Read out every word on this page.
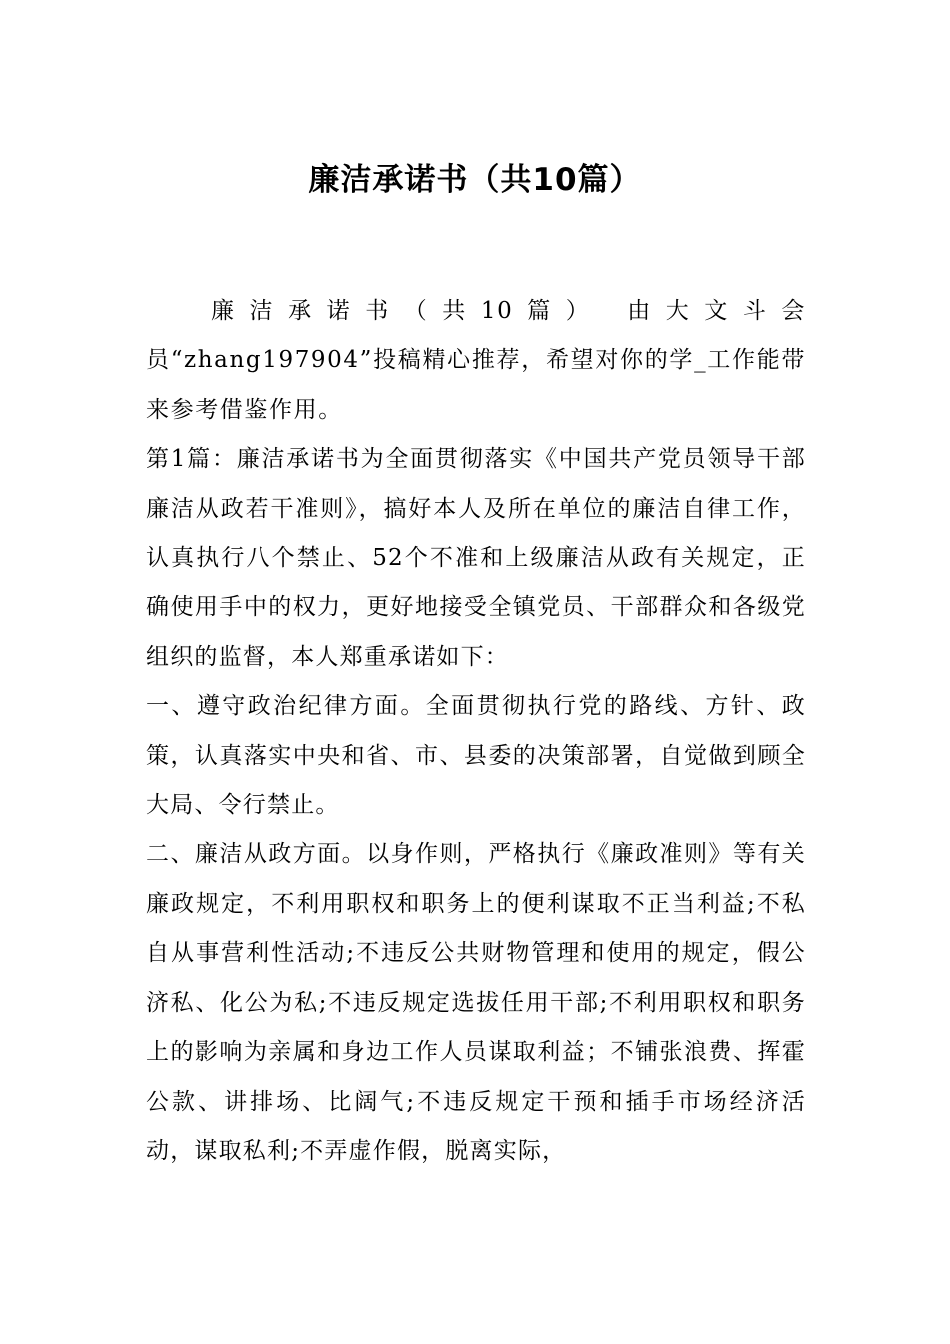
廉洁承诺书（共10篇）

廉洁承诺书（共10篇） 由大文斗会员“zhang197904”投稿精心推荐，希望对你的学_工作能带来参考借鉴作用。

第1篇：廉洁承诺书为全面贯彻落实《中国共产党员领导干部廉洁从政若干准则》，搞好本人及所在单位的廉洁自律工作，认真执行八个禁止、52个不准和上级廉洁从政有关规定，正确使用手中的权力，更好地接受全镇党员、干部群众和各级党组织的监督，本人郑重承诺如下：

一、遵守政治纪律方面。全面贯彻执行党的路线、方针、政策，认真落实中央和省、市、县委的决策部署，自觉做到顾全大局、令行禁止。

二、廉洁从政方面。以身作则，严格执行《廉政准则》等有关廉政规定，不利用职权和职务上的便利谋取不正当利益;不私自从事营利性活动;不违反公共财物管理和使用的规定，假公济私、化公为私;不违反规定选拔任用干部;不利用职权和职务上的影响为亲属和身边工作人员谋取利益；不铺张浪费、挥霍公款、讲排场、比阔气;不违反规定干预和插手市场经济活动，谋取私利;不弄虚作假，脱离实际，
